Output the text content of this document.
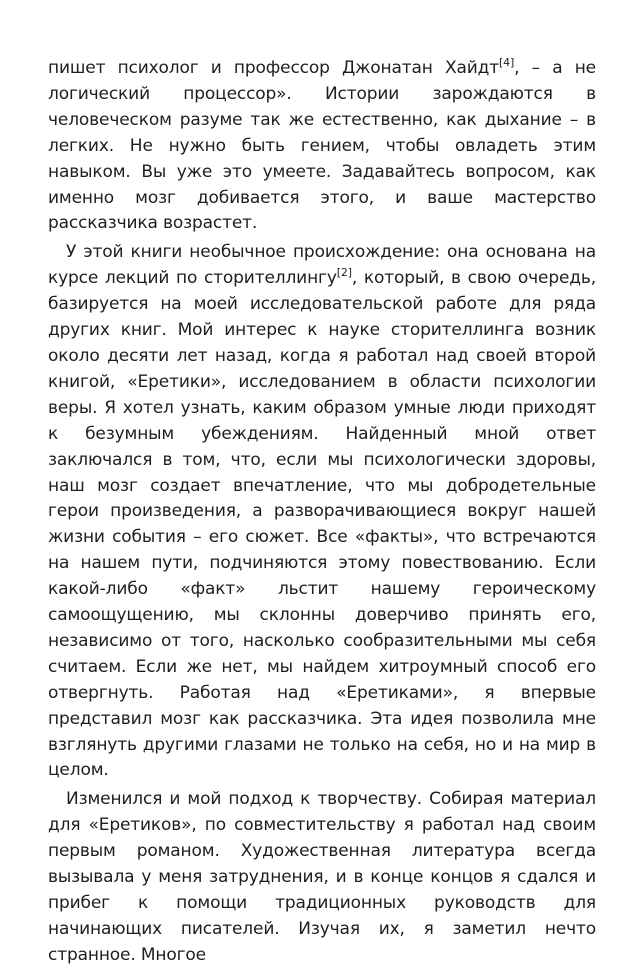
пишет психолог и профессор Джонатан Хайдт[4], – а не логический процессор». Истории зарождаются в человеческом разуме так же естественно, как дыхание – в легких. Не нужно быть гением, чтобы овладеть этим навыком. Вы уже это умеете. Задавайтесь вопросом, как именно мозг добивается этого, и ваше мастерство рассказчика возрастет.

У этой книги необычное происхождение: она основана на курсе лекций по сторителлингу[2], который, в свою очередь, базируется на моей исследовательской работе для ряда других книг. Мой интерес к науке сторителлинга возник около десяти лет назад, когда я работал над своей второй книгой, «Еретики», исследованием в области психологии веры. Я хотел узнать, каким образом умные люди приходят к безумным убеждениям. Найденный мной ответ заключался в том, что, если мы психологически здоровы, наш мозг создает впечатление, что мы добродетельные герои произведения, а разворачивающиеся вокруг нашей жизни события – его сюжет. Все «факты», что встречаются на нашем пути, подчиняются этому повествованию. Если какой-либо «факт» льстит нашему героическому самоощущению, мы склонны доверчиво принять его, независимо от того, насколько сообразительными мы себя считаем. Если же нет, мы найдем хитроумный способ его отвергнуть. Работая над «Еретиками», я впервые представил мозг как рассказчика. Эта идея позволила мне взглянуть другими глазами не только на себя, но и на мир в целом.

Изменился и мой подход к творчеству. Собирая материал для «Еретиков», по совместительству я работал над своим первым романом. Художественная литература всегда вызывала у меня затруднения, и в конце концов я сдался и прибег к помощи традиционных руководств для начинающих писателей. Изучая их, я заметил нечто странное. Многое
